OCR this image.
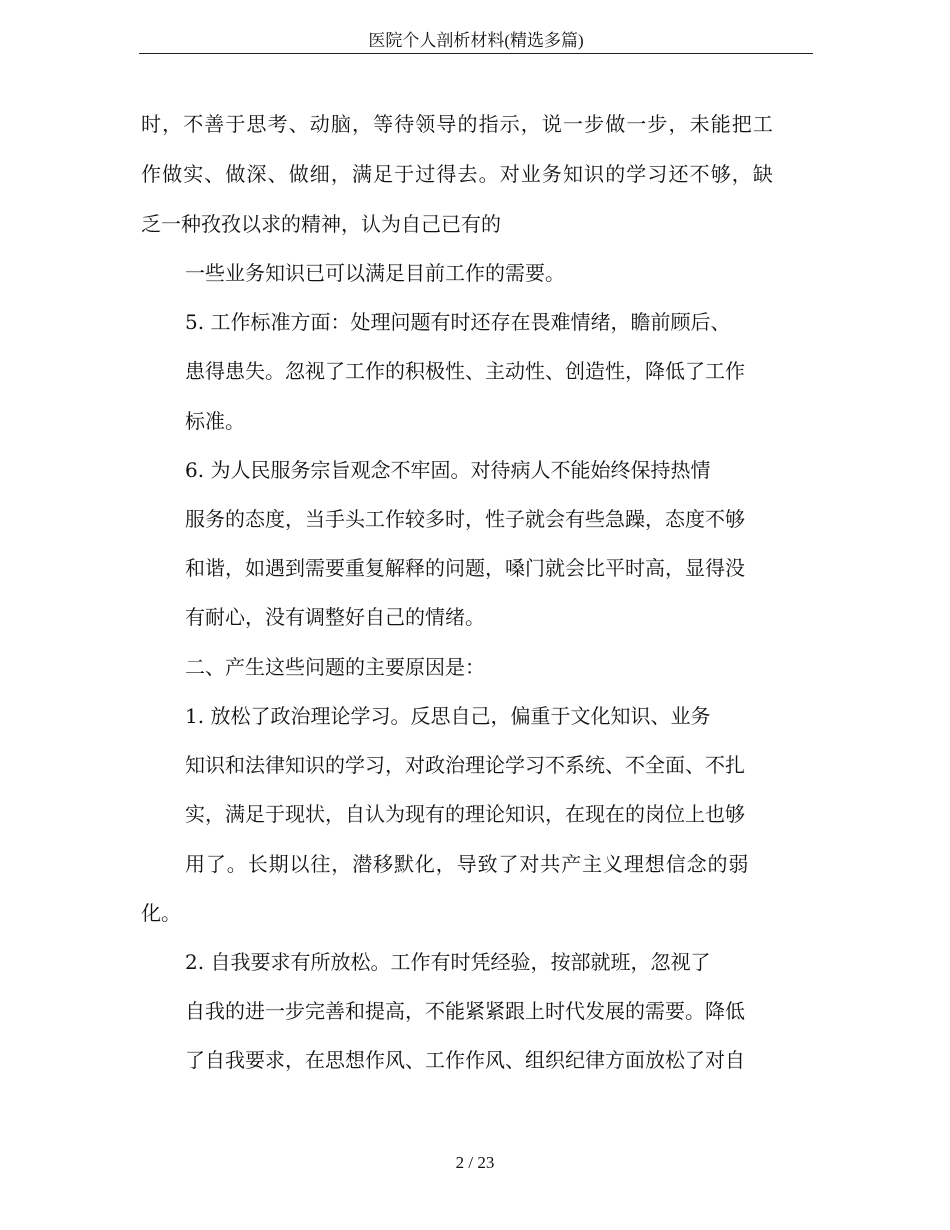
医院个人剖析材料(精选多篇)
时，不善于思考、动脑，等待领导的指示，说一步做一步，未能把工
作做实、做深、做细，满足于过得去。对业务知识的学习还不够，缺
乏一种孜孜以求的精神，认为自己已有的
一些业务知识已可以满足目前工作的需要。
5. 工作标准方面：处理问题有时还存在畏难情绪，瞻前顾后、
患得患失。忽视了工作的积极性、主动性、创造性，降低了工作
标准。
6. 为人民服务宗旨观念不牢固。对待病人不能始终保持热情
服务的态度，当手头工作较多时，性子就会有些急躁，态度不够
和谐，如遇到需要重复解释的问题，嗓门就会比平时高，显得没
有耐心，没有调整好自己的情绪。
二、产生这些问题的主要原因是：
1. 放松了政治理论学习。反思自己，偏重于文化知识、业务
知识和法律知识的学习，对政治理论学习不系统、不全面、不扎
实，满足于现状，自认为现有的理论知识，在现在的岗位上也够
用了。长期以往，潜移默化，导致了对共产主义理想信念的弱
化。
2. 自我要求有所放松。工作有时凭经验，按部就班，忽视了
自我的进一步完善和提高，不能紧紧跟上时代发展的需要。降低
了自我要求，在思想作风、工作作风、组织纪律方面放松了对自
2 / 23
